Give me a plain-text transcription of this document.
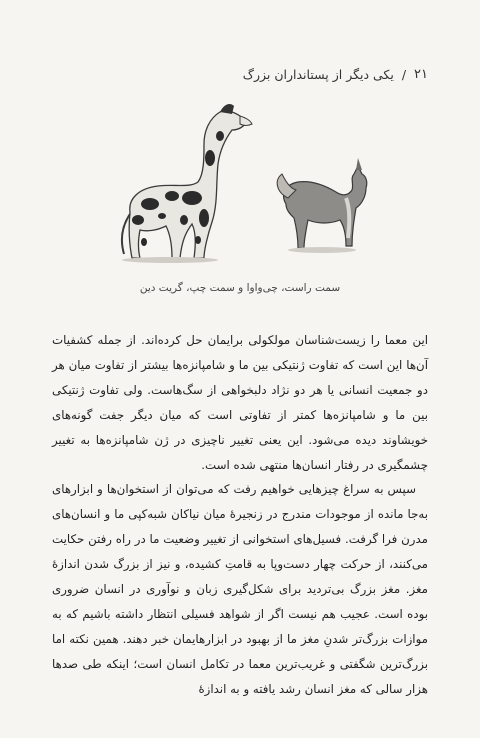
۲۱
/
یکی دیگر از پستانداران بزرگ
سمت راست، چی‌واوا و سمت چپ، گریت دین

این معما را زیست‌شناسان مولکولی برایمان حل کرده‌اند. از جمله کشفیات آن‌ها این است که تفاوت ژنتیکی بین ما و شامپانزه‌ها بیشتر از تفاوت میان هر دو جمعیت انسانی یا هر دو نژاد دلبخواهی از سگ‌هاست. ولی تفاوت ژنتیکی بین ما و شامپانزه‌ها کمتر از تفاوتی است که میان دیگر جفت گونه‌های خویشاوند دیده می‌شود. این یعنی تغییر ناچیزی در ژن شامپانزه‌ها به تغییر چشمگیری در رفتار انسان‌ها منتهی شده است.

سپس به سراغ چیزهایی خواهیم رفت که می‌توان از استخوان‌ها و ابزارهای به‌جا مانده از موجودات مندرج در زنجیرهٔ میان نیاکان شبه‌کپی ما و انسان‌های مدرن فرا گرفت. فسیل‌های استخوانی از تغییر وضعیت ما در راه رفتن حکایت می‌کنند، از حرکت چهار دست‌وپا به قامتِ کشیده، و نیز از بزرگ شدن اندازهٔ مغز. مغز بزرگ بی‌تردید برای شکل‌گیری زبان و نوآوری در انسان ضروری بوده است. عجیب هم نیست اگر از شواهد فسیلی انتظار داشته باشیم که به موازات بزرگ‌تر شدنِ مغز ما از بهبود در ابزارهایمان خبر دهند. همین نکته اما بزرگ‌ترین شگفتی و غریب‌ترین معما در تکامل انسان است؛ اینکه طی صدها هزار سالی که مغز انسان رشد یافته و به اندازهٔ
